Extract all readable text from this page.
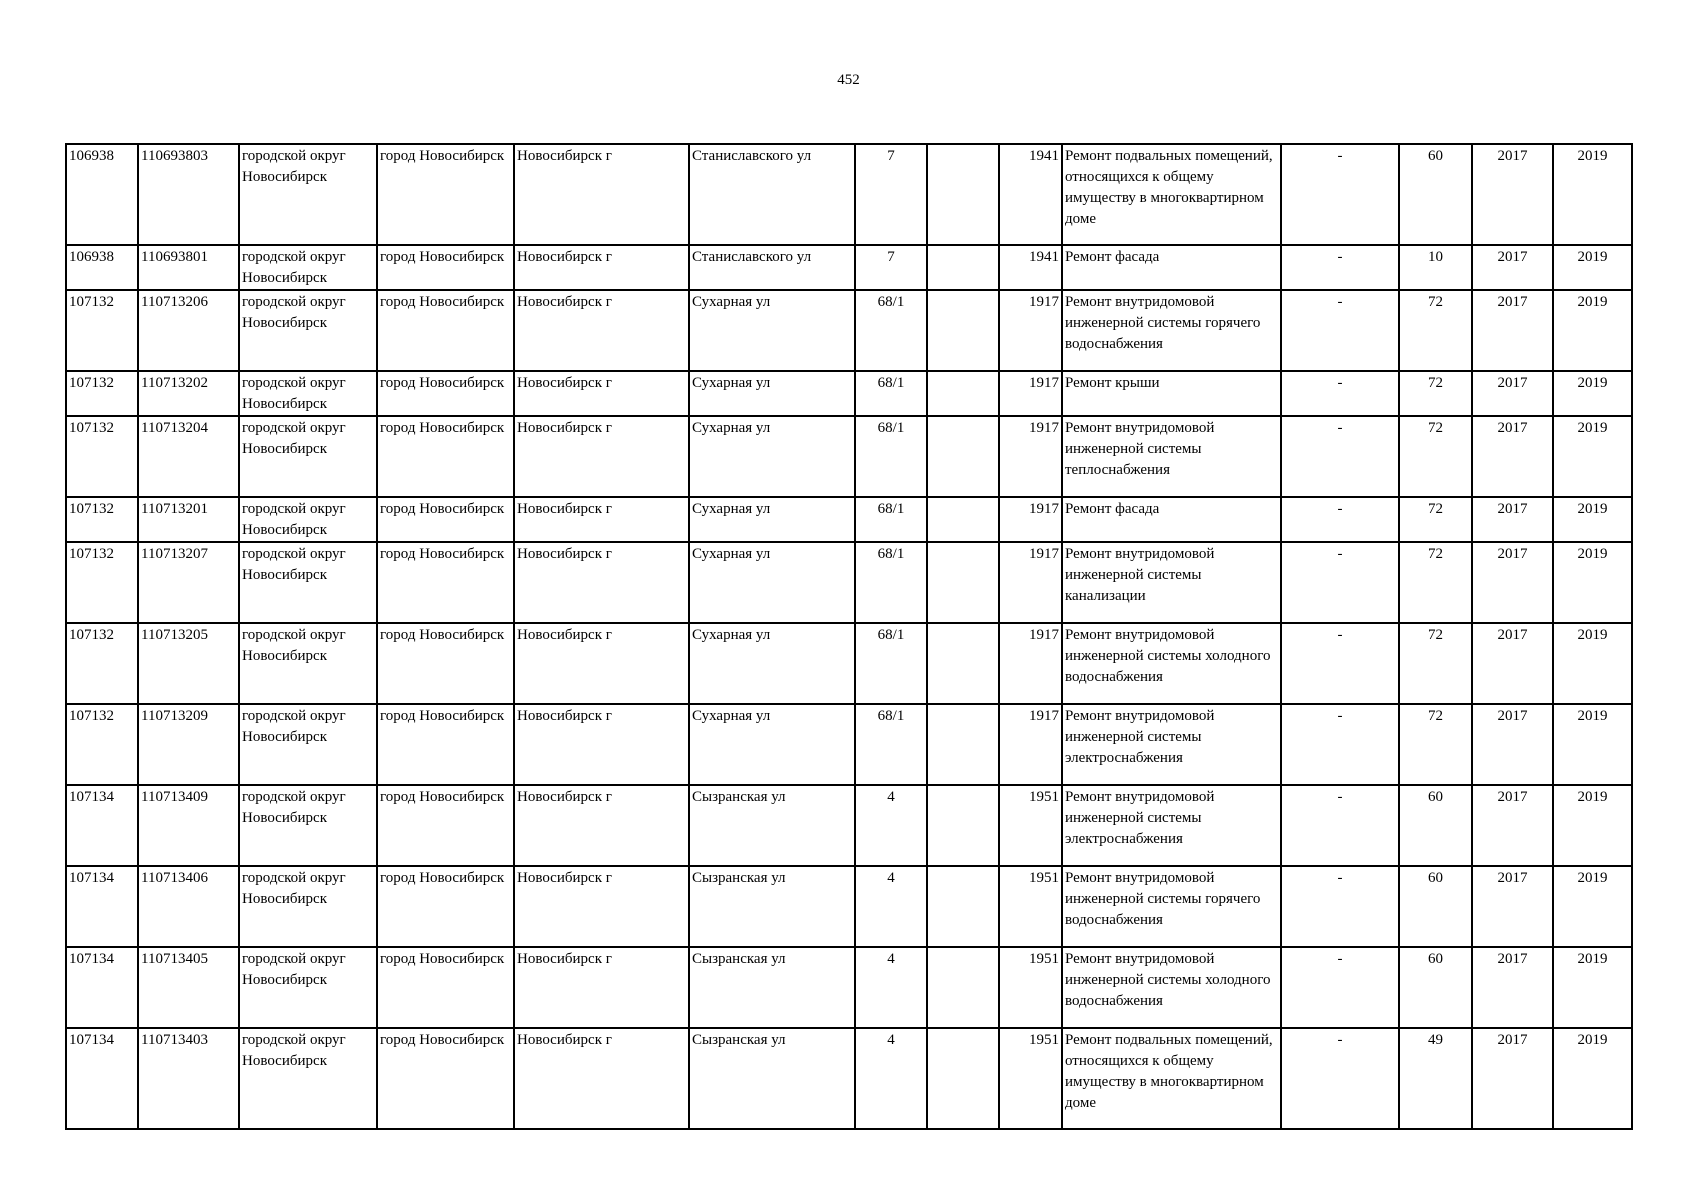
452
106938	110693803	городской округ Новосибирск	город Новосибирск	Новосибирск г	Станиславского ул	7		1941	Ремонт подвальных помещений, относящихся к общему имуществу в многоквартирном доме	-	60	2017	2019
106938	110693801	городской округ Новосибирск	город Новосибирск	Новосибирск г	Станиславского ул	7		1941	Ремонт фасада	-	10	2017	2019
107132	110713206	городской округ Новосибирск	город Новосибирск	Новосибирск г	Сухарная ул	68/1		1917	Ремонт внутридомовой инженерной системы горячего водоснабжения	-	72	2017	2019
107132	110713202	городской округ Новосибирск	город Новосибирск	Новосибирск г	Сухарная ул	68/1		1917	Ремонт крыши	-	72	2017	2019
107132	110713204	городской округ Новосибирск	город Новосибирск	Новосибирск г	Сухарная ул	68/1		1917	Ремонт внутридомовой инженерной системы теплоснабжения	-	72	2017	2019
107132	110713201	городской округ Новосибирск	город Новосибирск	Новосибирск г	Сухарная ул	68/1		1917	Ремонт фасада	-	72	2017	2019
107132	110713207	городской округ Новосибирск	город Новосибирск	Новосибирск г	Сухарная ул	68/1		1917	Ремонт внутридомовой инженерной системы канализации	-	72	2017	2019
107132	110713205	городской округ Новосибирск	город Новосибирск	Новосибирск г	Сухарная ул	68/1		1917	Ремонт внутридомовой инженерной системы холодного водоснабжения	-	72	2017	2019
107132	110713209	городской округ Новосибирск	город Новосибирск	Новосибирск г	Сухарная ул	68/1		1917	Ремонт внутридомовой инженерной системы электроснабжения	-	72	2017	2019
107134	110713409	городской округ Новосибирск	город Новосибирск	Новосибирск г	Сызранская ул	4		1951	Ремонт внутридомовой инженерной системы электроснабжения	-	60	2017	2019
107134	110713406	городской округ Новосибирск	город Новосибирск	Новосибирск г	Сызранская ул	4		1951	Ремонт внутридомовой инженерной системы горячего водоснабжения	-	60	2017	2019
107134	110713405	городской округ Новосибирск	город Новосибирск	Новосибирск г	Сызранская ул	4		1951	Ремонт внутридомовой инженерной системы холодного водоснабжения	-	60	2017	2019
107134	110713403	городской округ Новосибирск	город Новосибирск	Новосибирск г	Сызранская ул	4		1951	Ремонт подвальных помещений, относящихся к общему имуществу в многоквартирном доме	-	49	2017	2019
